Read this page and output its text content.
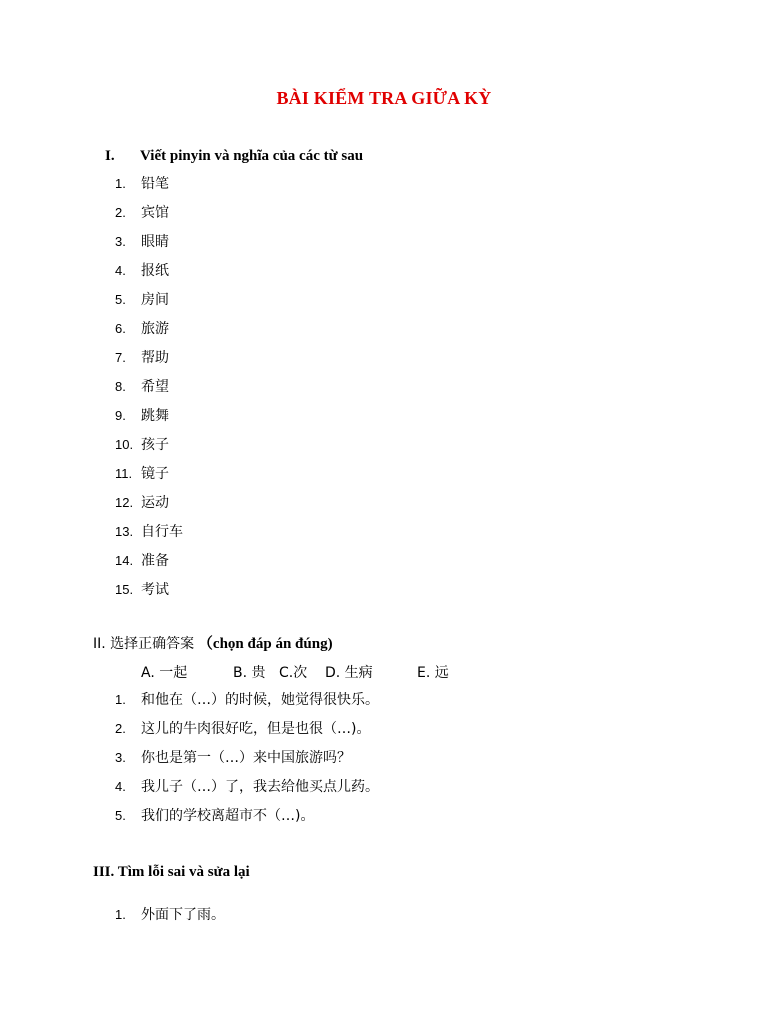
BÀI KIỂM TRA GIỮA KỲ
I. Viết pinyin và nghĩa của các từ sau
1.	铅笔
2.	宾馆
3.	眼睛
4.	报纸
5.	房间
6.	旅游
7.	帮助
8.	希望
9.	跳舞
10. 孩子
11. 镜子
12. 运动
13. 自行车
14. 准备
15. 考试
II. 选择正确答案 （chọn đáp án đúng)
A. 一起	B. 贵 C.次 D. 生病	E. 远
1.	和他在（…）的时候，她觉得很快乐。
2.	这儿的牛肉很好吃，但是也很（…)。
3.	你也是第一（…）来中国旅游吗？
4.	我儿子（…）了，我去给他买点儿药。
5.	我们的学校离超市不（…)。
III. Tìm lỗi sai và sửa lại
1.	外面下了雨。
